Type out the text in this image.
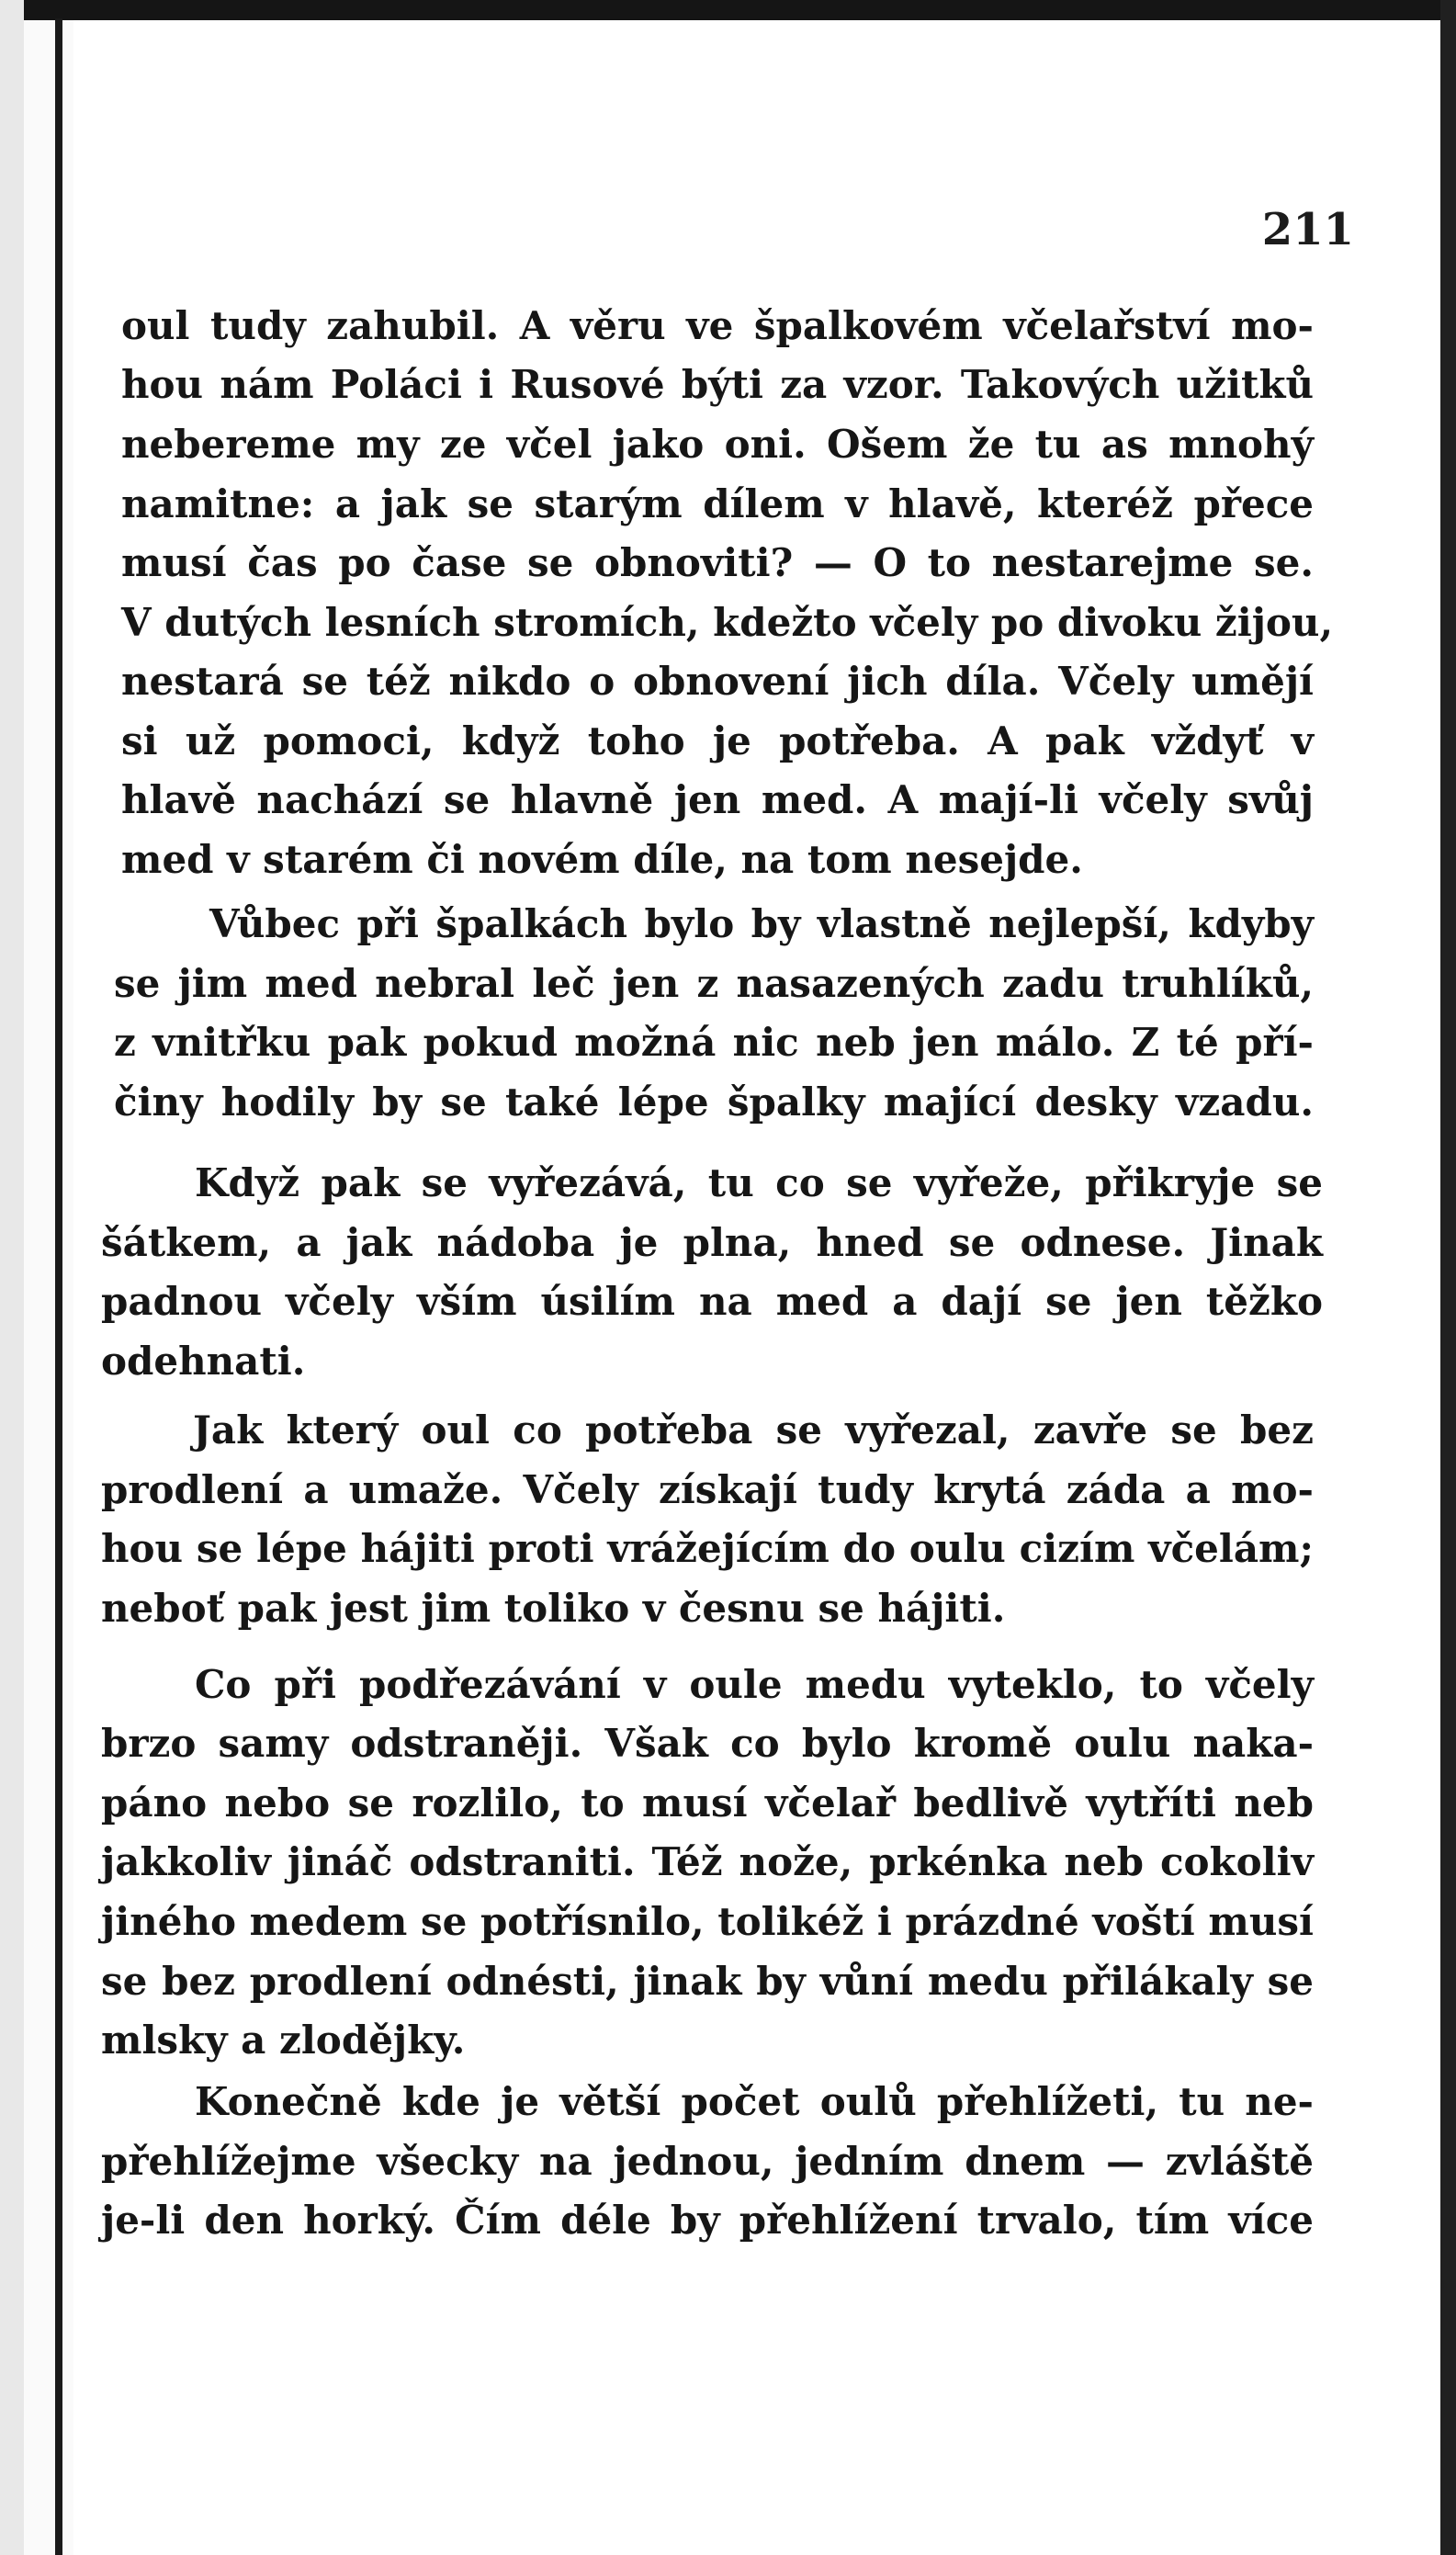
211
oul tudy zahubil. A věru ve špalkovém včelařství mo-
hou nám Poláci i Rusové býti za vzor. Takových užitků
nebereme my ze včel jako oni. Ošem že tu as mnohý
namitne: a jak se starým dílem v hlavě, kteréž přece
musí čas po čase se obnoviti? — O to nestarejme se.
V dutých lesních stromích, kdežto včely po divoku žijou,
nestará se též nikdo o obnovení jich díla. Včely umějí
si už pomoci, když toho je potřeba. A pak vždyť v
hlavě nachází se hlavně jen med. A mají-li včely svůj
med v starém či novém díle, na tom nesejde.
Vůbec při špalkách bylo by vlastně nejlepší, kdyby
se jim med nebral leč jen z nasazených zadu truhlíků,
z vnitřku pak pokud možná nic neb jen málo. Z té pří-
činy hodily by se také lépe špalky mající desky vzadu.
Když pak se vyřezává, tu co se vyřeže, přikryje se
šátkem, a jak nádoba je plna, hned se odnese. Jinak
padnou včely vším úsilím na med a dají se jen těžko
odehnati.
Jak který oul co potřeba se vyřezal, zavře se bez
prodlení a umaže. Včely získají tudy krytá záda a mo-
hou se lépe hájiti proti vrážejícím do oulu cizím včelám;
neboť pak jest jim toliko v česnu se hájiti.
Co při podřezávání v oule medu vyteklo, to včely
brzo samy odstraněji. Však co bylo kromě oulu naka-
páno nebo se rozlilo, to musí včelař bedlivě vytříti neb
jakkoliv jináč odstraniti. Též nože, prkénka neb cokoliv
jiného medem se potřísnilo, tolikéž i prázdné voští musí
se bez prodlení odnésti, jinak by vůní medu přilákaly se
mlsky a zlodějky.
Konečně kde je větší počet oulů přehlížeti, tu ne-
přehlížejme všecky na jednou, jedním dnem — zvláště
je-li den horký. Čím déle by přehlížení trvalo, tím více
